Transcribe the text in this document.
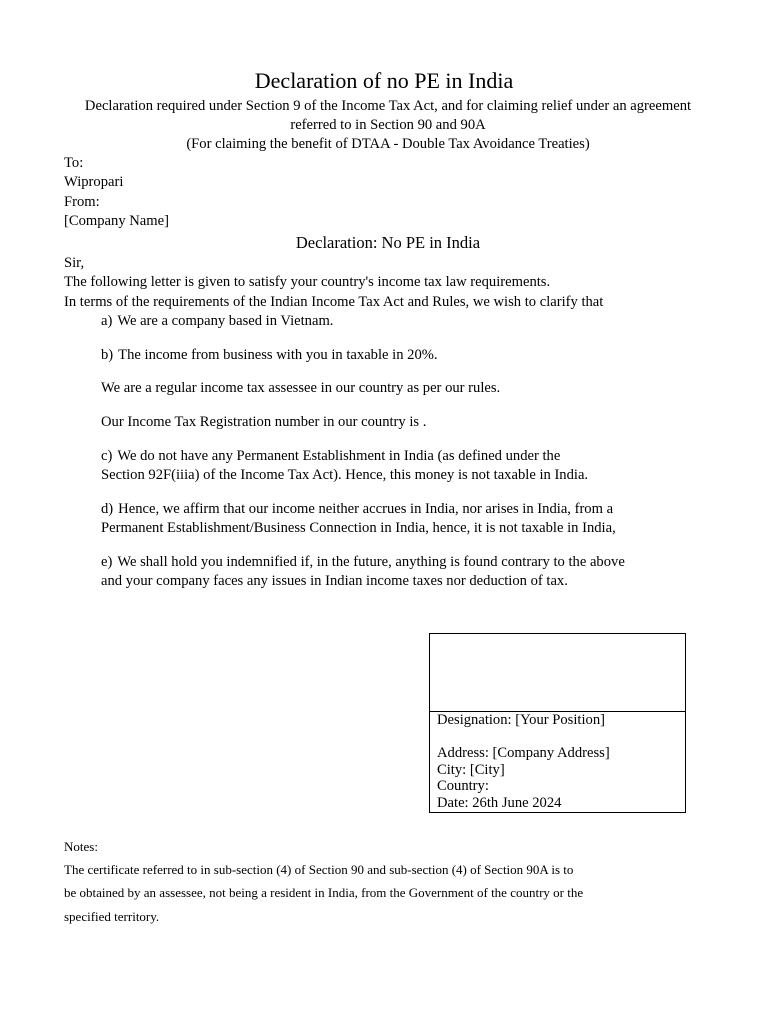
Declaration of no PE in India
Declaration required under Section 9 of the Income Tax Act, and for claiming relief under an agreement
referred to in Section 90 and 90A
(For claiming the benefit of DTAA - Double Tax Avoidance Treaties)
To:
Wipropari
From:
[Company Name]
Declaration: No PE in India
Sir,
The following letter is given to satisfy your country's income tax law requirements.
In terms of the requirements of the Indian Income Tax Act and Rules, we wish to clarify that
a) We are a company based in Vietnam.
b) The income from business with you in taxable in 20%.
We are a regular income tax assessee in our country as per our rules.
Our Income Tax Registration number in our country is .
c) We do not have any Permanent Establishment in India (as defined under the
Section 92F(iiia) of the Income Tax Act). Hence, this money is not taxable in India.
d) Hence, we affirm that our income neither accrues in India, nor arises in India, from a
Permanent Establishment/Business Connection in India, hence, it is not taxable in India,
e) We shall hold you indemnified if, in the future, anything is found contrary to the above
and your company faces any issues in Indian income taxes nor deduction of tax.
Designation: [Your Position]
Address: [Company Address]
City: [City]
Country:
Date: 26th June 2024
Notes:
The certificate referred to in sub-section (4) of Section 90 and sub-section (4) of Section 90A is to
be obtained by an assessee, not being a resident in India, from the Government of the country or the
specified territory.
